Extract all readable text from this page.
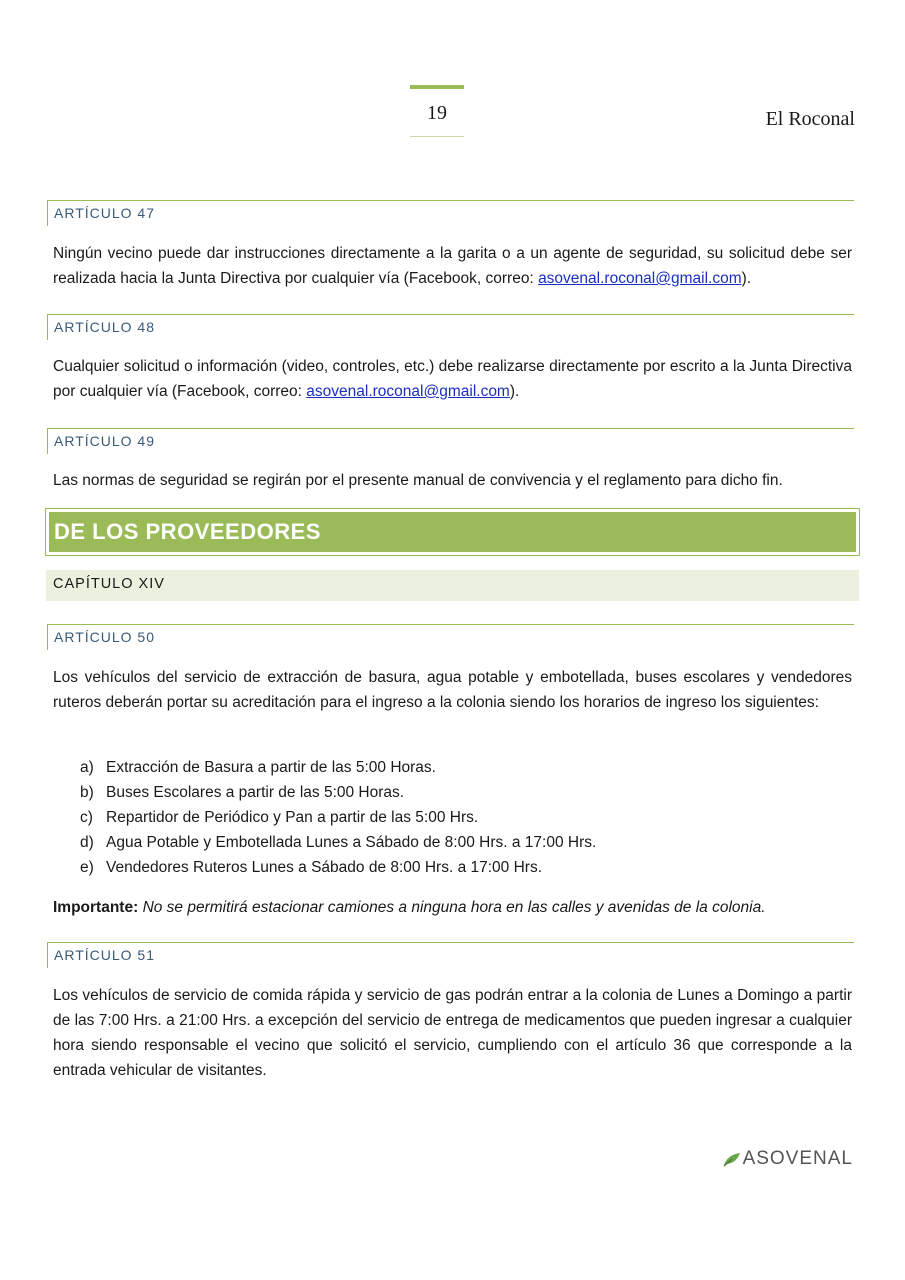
19	El Roconal
ARTÍCULO 47
Ningún vecino puede dar instrucciones directamente a la garita o a un agente de seguridad, su solicitud debe ser realizada hacia la Junta Directiva por cualquier vía (Facebook, correo: asovenal.roconal@gmail.com).
ARTÍCULO 48
Cualquier solicitud o información (video, controles, etc.) debe realizarse directamente por escrito a la Junta Directiva por cualquier vía (Facebook, correo: asovenal.roconal@gmail.com).
ARTÍCULO 49
Las normas de seguridad se regirán por el presente manual de convivencia y el reglamento para dicho fin.
DE LOS PROVEEDORES
CAPÍTULO XIV
ARTÍCULO 50
Los vehículos del servicio de extracción de basura, agua potable y embotellada, buses escolares y vendedores ruteros deberán portar su acreditación para el ingreso a la colonia siendo los horarios de ingreso los siguientes:
a) Extracción de Basura a partir de las 5:00 Horas.
b) Buses Escolares a partir de las 5:00 Horas.
c) Repartidor de Periódico y Pan a partir de las 5:00 Hrs.
d) Agua Potable y Embotellada Lunes a Sábado de 8:00 Hrs. a 17:00 Hrs.
e) Vendedores Ruteros Lunes a Sábado de 8:00 Hrs. a 17:00 Hrs.
Importante: No se permitirá estacionar camiones a ninguna hora en las calles y avenidas de la colonia.
ARTÍCULO 51
Los vehículos de servicio de comida rápida y servicio de gas podrán entrar a la colonia de Lunes a Domingo a partir de las 7:00 Hrs. a 21:00 Hrs. a excepción del servicio de entrega de medicamentos que pueden ingresar a cualquier hora siendo responsable el vecino que solicitó el servicio, cumpliendo con el artículo 36 que corresponde a la entrada vehicular de visitantes.
ASOVENAL
